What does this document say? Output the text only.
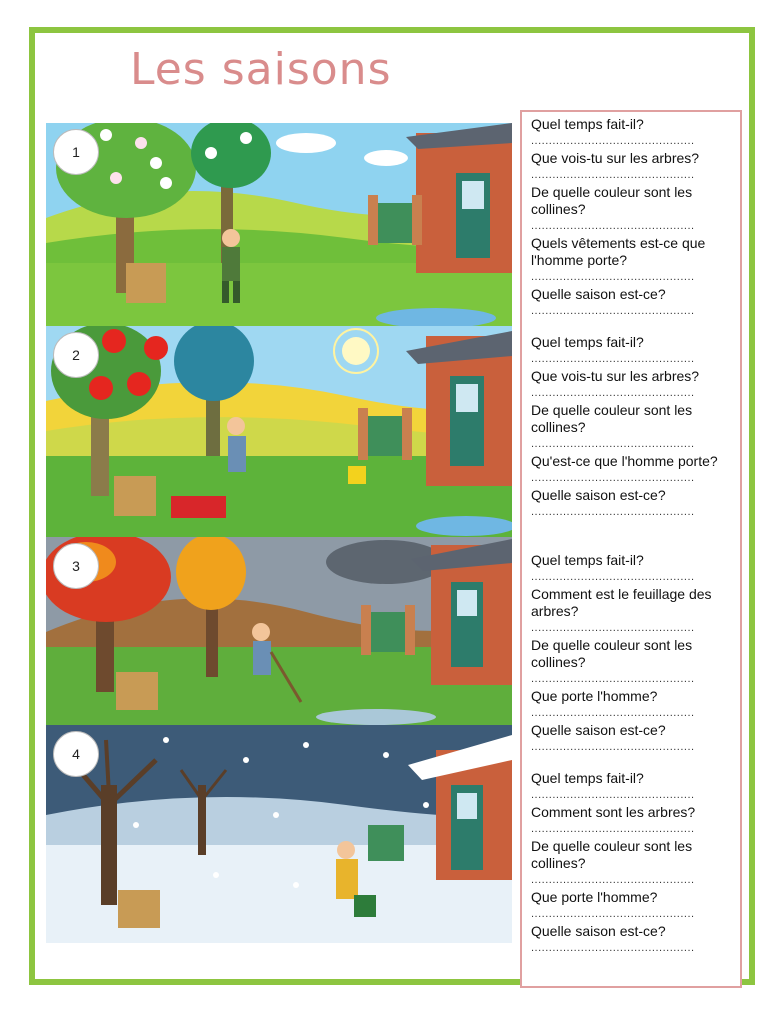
Les saisons
1
2
3
4

Quel temps fait-il?

..............................................

Que vois-tu sur les arbres?

..............................................

De quelle couleur sont les collines?

..............................................

Quels vêtements est-ce que l'homme porte?

..............................................

Quelle saison est-ce?

..............................................

Quel temps fait-il?

..............................................

Que vois-tu sur les arbres?

..............................................

De quelle couleur sont les collines?

..............................................

Qu'est-ce que l'homme porte?

..............................................

Quelle saison est-ce?

..............................................

Quel temps fait-il?

..............................................

Comment est le feuillage des arbres?

..............................................

De quelle couleur sont les collines?

..............................................

Que porte l'homme?

..............................................

Quelle saison est-ce?

..............................................

Quel temps fait-il?

..............................................

Comment sont les arbres?

..............................................

De quelle couleur sont les collines?

..............................................

Que porte l'homme?

..............................................

Quelle saison est-ce?

..............................................
